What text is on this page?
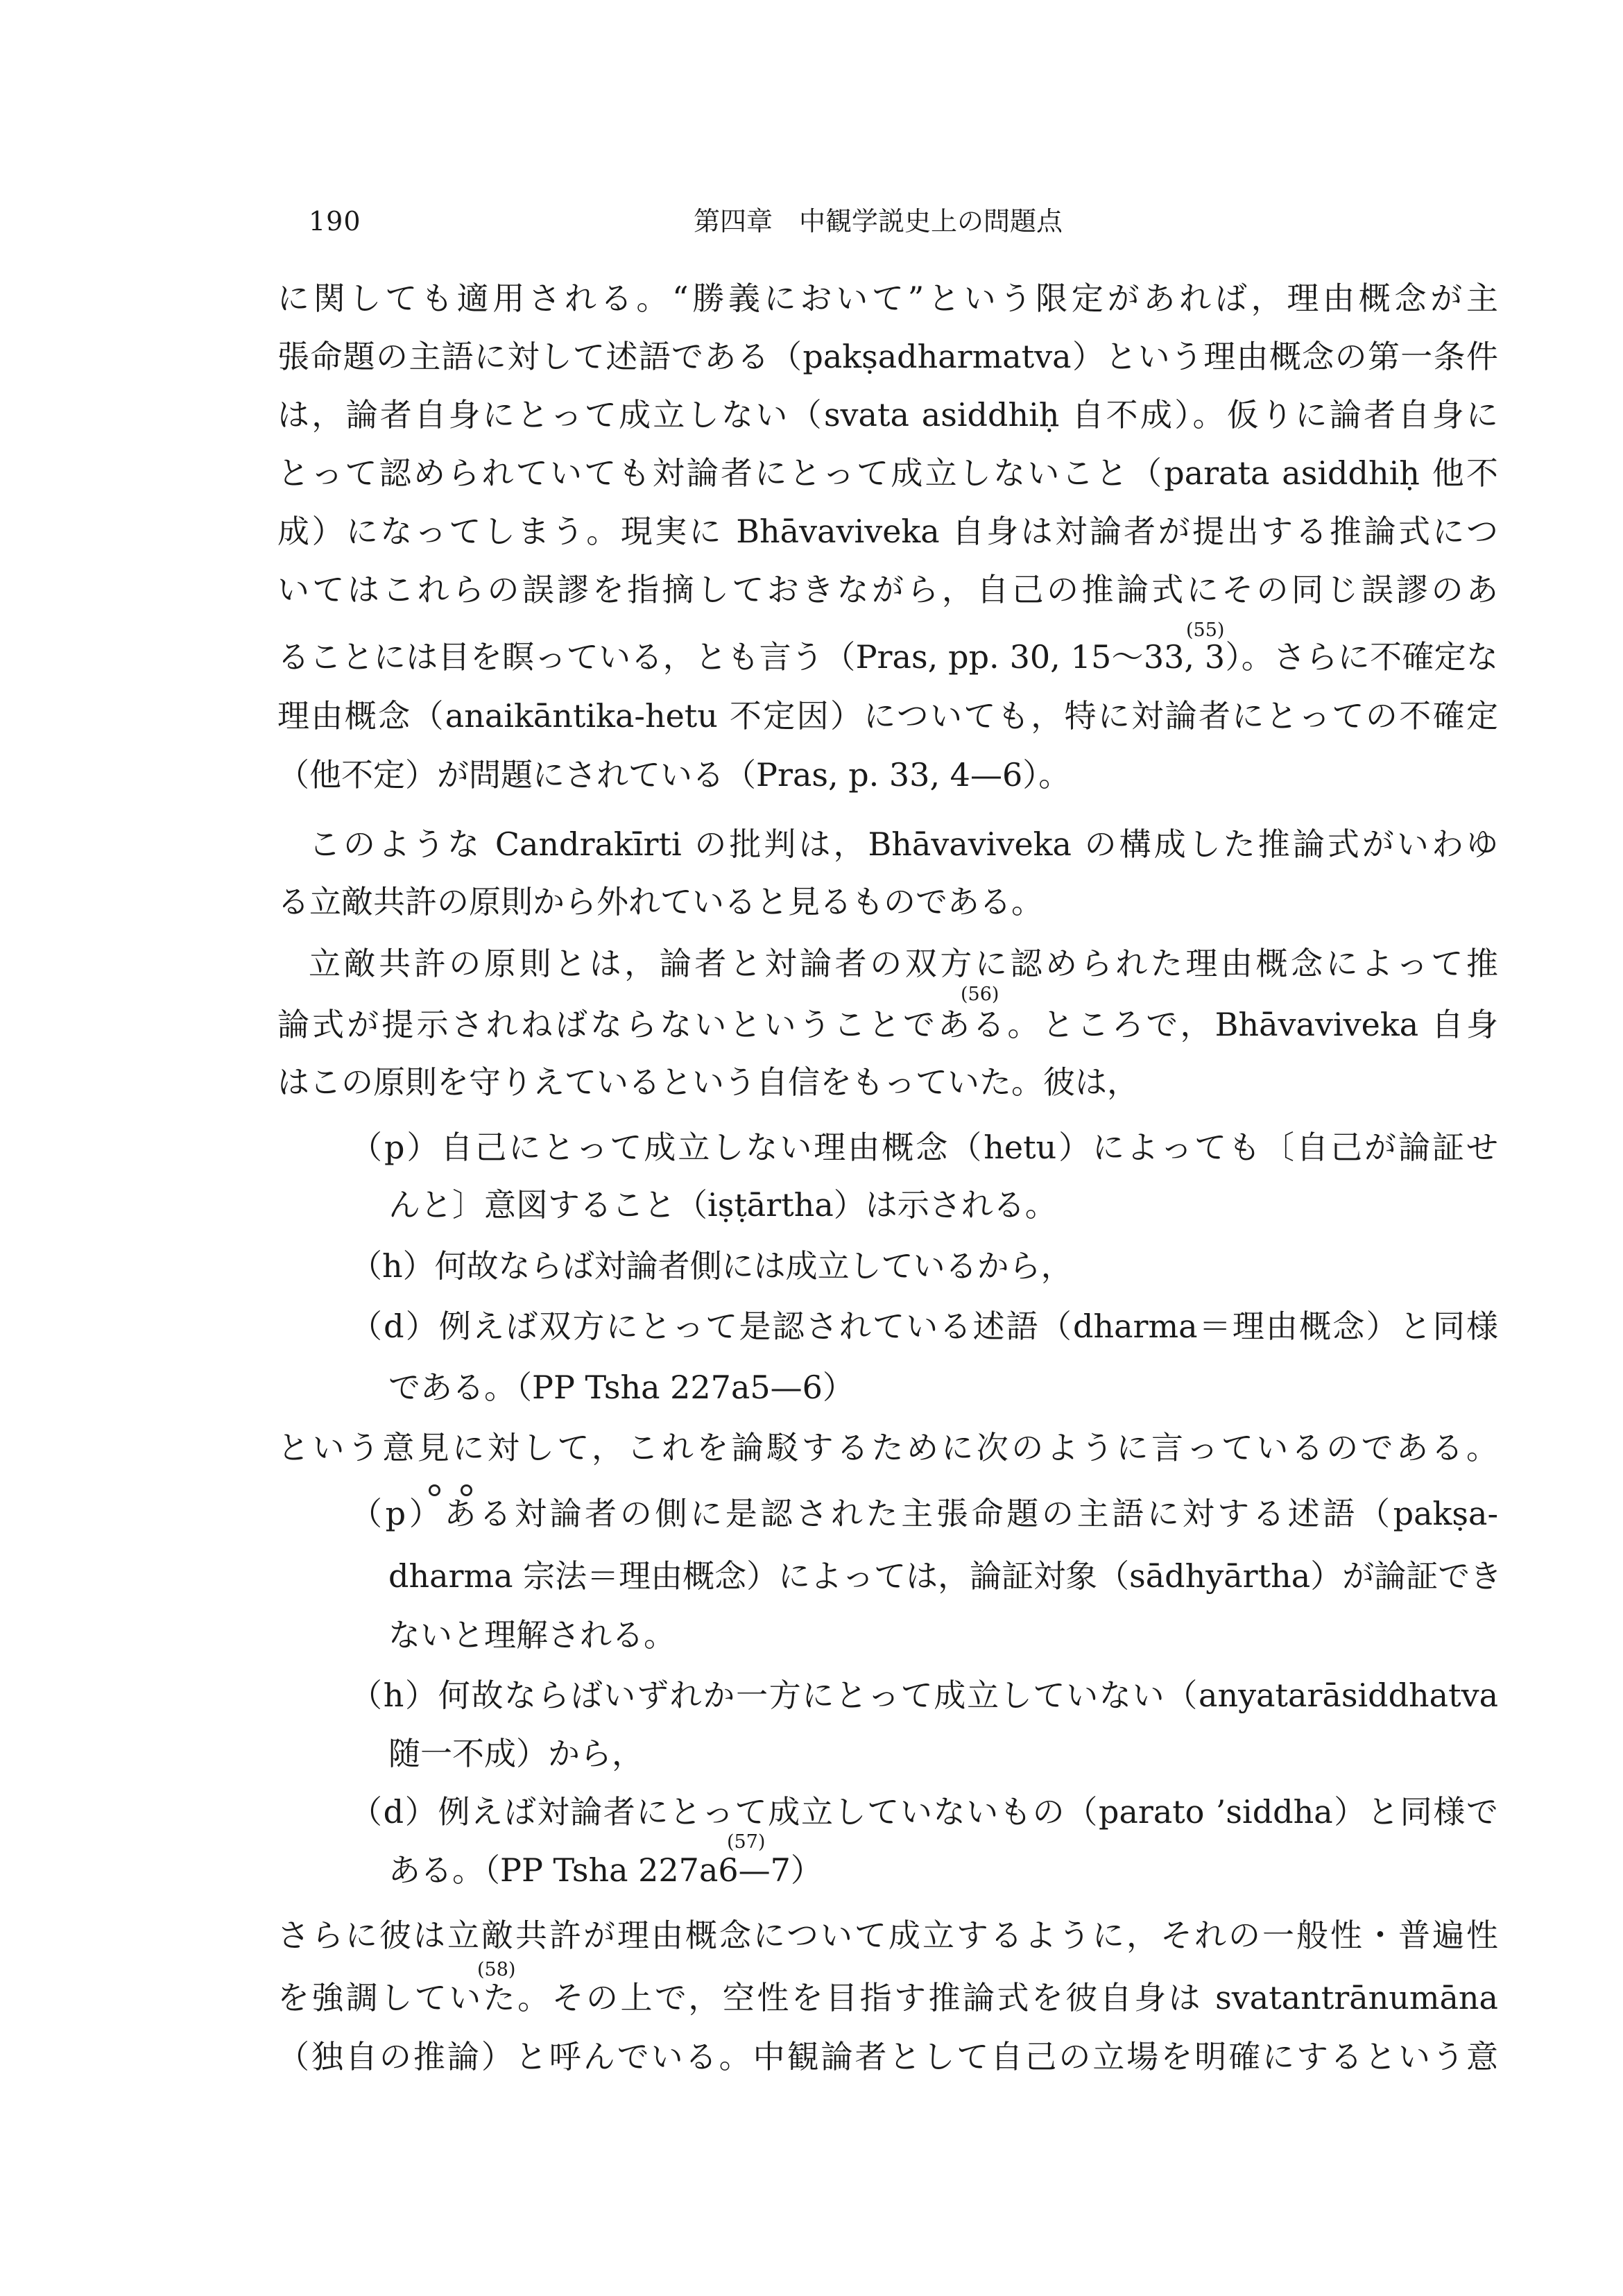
190	第四章　中観学説史上の問題点
に関しても適用される。“勝義において”という限定があれば，理由概念が主
張命題の主語に対して述語である（pakṣadharmatva）という理由概念の第一条件
は，論者自身にとって成立しない（svata asiddhiḥ 自不成）。仮りに論者自身に
とって認められていても対論者にとって成立しないこと（parata asiddhiḥ 他不
成）になってしまう。現実に Bhāvaviveka 自身は対論者が提出する推論式につ
いてはこれらの誤謬を指摘しておきながら，自己の推論式にその同じ誤謬のあ
ることには目を瞑っている，とも言う（Pras, pp. 30, 15〜33, 3）。さらに不確定な
理由概念（anaikāntika-hetu 不定因）についても，特に対論者にとっての不確定
（他不定）が問題にされている（Pras, p. 33, 4—6）。
このような Candrakīrti の批判は，Bhāvaviveka の構成した推論式がいわゆ
る立敵共許の原則から外れていると見るものである。
立敵共許の原則とは，論者と対論者の双方に認められた理由概念によって推
論式が提示されねばならないということである。ところで，Bhāvaviveka 自身
はこの原則を守りえているという自信をもっていた。彼は，
（p）自己にとって成立しない理由概念（hetu）によっても〔自己が論証せ
んと〕意図すること（iṣṭārtha）は示される。
（h）何故ならば対論者側には成立しているから，
（d）例えば双方にとって是認されている述語（dharma＝理由概念）と同様
である。（PP Tsha 227a5—6）
という意見に対して，これを論駁するために次のように言っているのである。
（p）ある対論者の側に是認された主張命題の主語に対する述語（pakṣa-
dharma 宗法＝理由概念）によっては，論証対象（sādhyārtha）が論証でき
ないと理解される。
（h）何故ならばいずれか一方にとって成立していない（anyatarāsiddhatva
随一不成）から，
（d）例えば対論者にとって成立していないもの（parato ’siddha）と同様で
ある。（PP Tsha 227a6—7）
さらに彼は立敵共許が理由概念について成立するように，それの一般性・普遍性
を強調していた。その上で，空性を目指す推論式を彼自身は svatantrānumāna
（独自の推論）と呼んでいる。中観論者として自己の立場を明確にするという意
(55)
(56)
(57)
(58)
